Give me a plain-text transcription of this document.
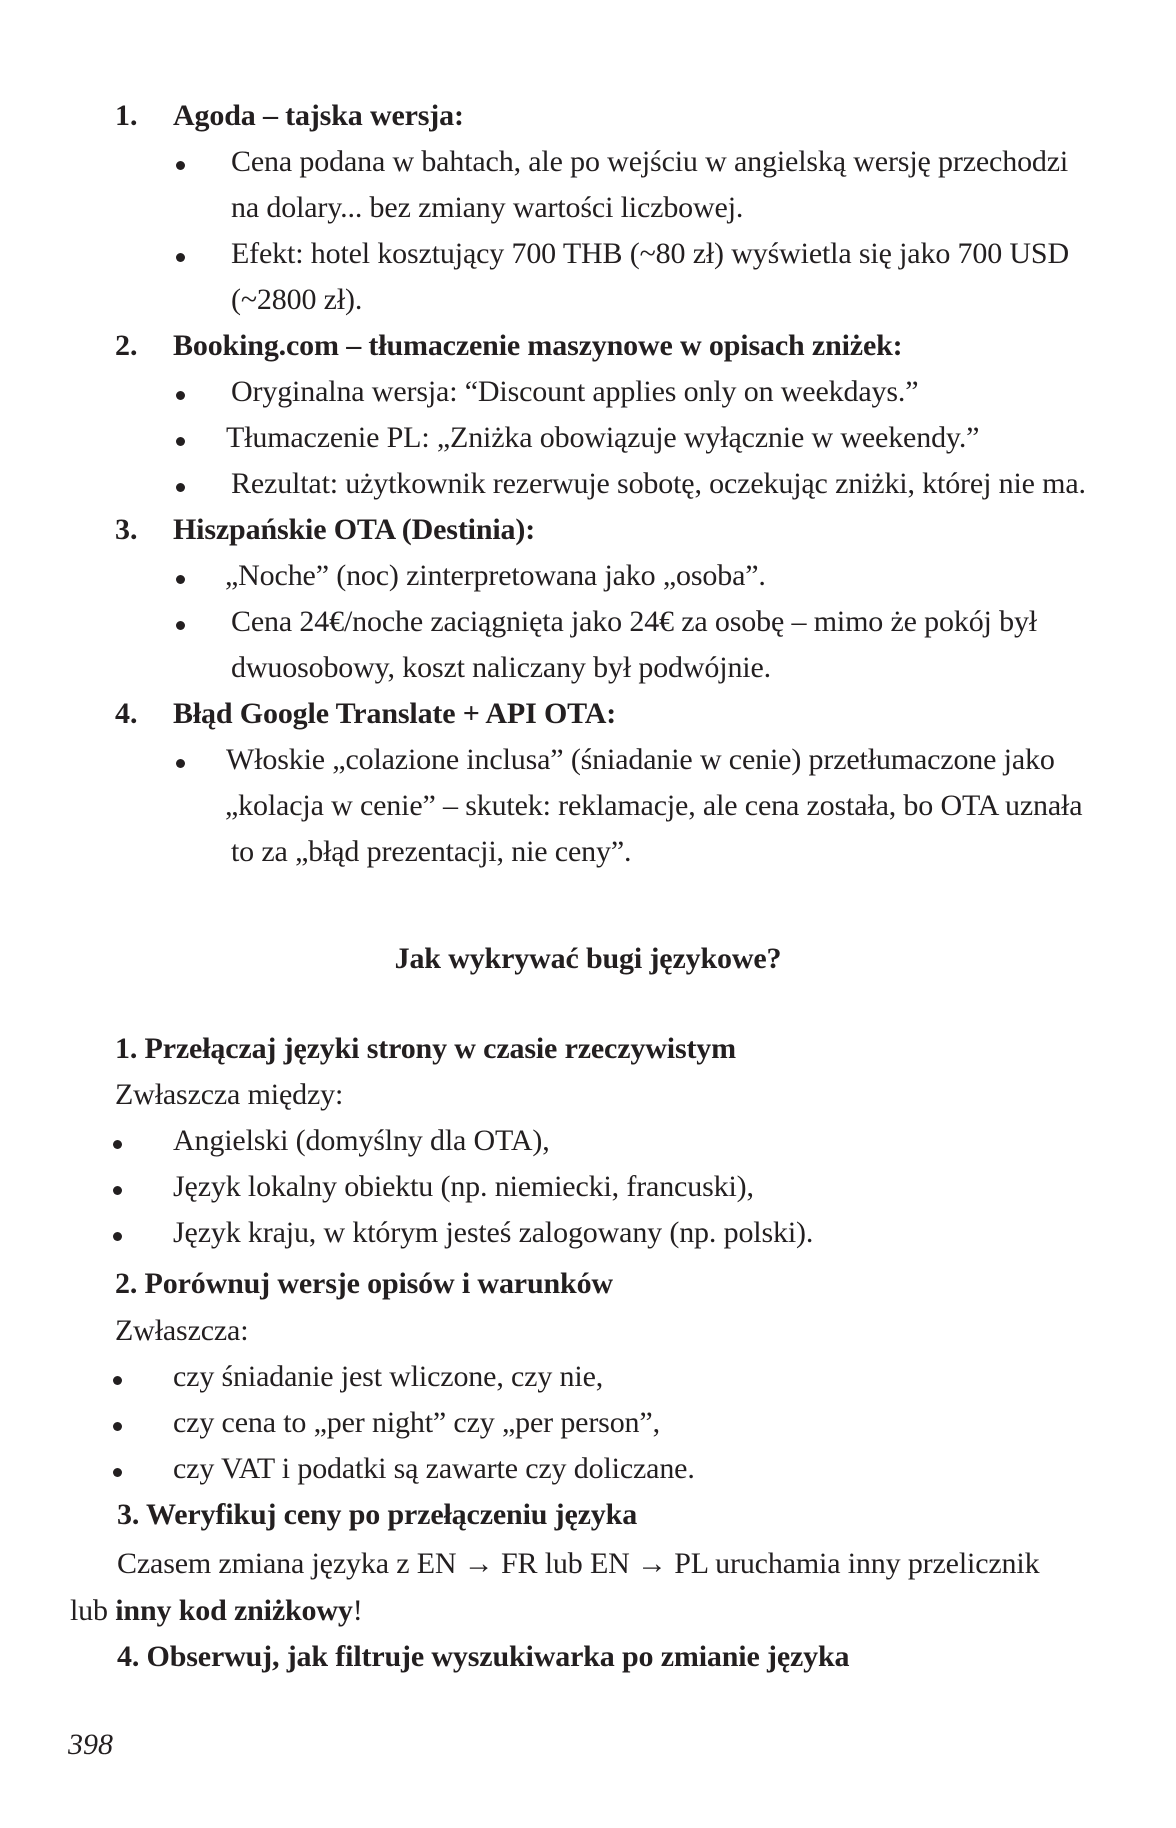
1. Agoda – tajska wersja:
Cena podana w bahtach, ale po wejściu w angielską wersję przechodzi
na dolary... bez zmiany wartości liczbowej.
Efekt: hotel kosztujący 700 THB (~80 zł) wyświetla się jako 700 USD
(~2800 zł).
2. Booking.com – tłumaczenie maszynowe w opisach zniżek:
Oryginalna wersja: “Discount applies only on weekdays.”
Tłumaczenie PL: „Zniżka obowiązuje wyłącznie w weekendy.”
Rezultat: użytkownik rezerwuje sobotę, oczekując zniżki, której nie ma.
3. Hiszpańskie OTA (Destinia):
„Noche” (noc) zinterpretowana jako „osoba”.
Cena 24€/noche zaciągnięta jako 24€ za osobę – mimo że pokój był
dwuosobowy, koszt naliczany był podwójnie.
4. Błąd Google Translate + API OTA:
Włoskie „colazione inclusa” (śniadanie w cenie) przetłumaczone jako
„kolacja w cenie” – skutek: reklamacje, ale cena została, bo OTA uznała
to za „błąd prezentacji, nie ceny”.
Jak wykrywać bugi językowe?
1. Przełączaj języki strony w czasie rzeczywistym
Zwłaszcza między:
Angielski (domyślny dla OTA),
Język lokalny obiektu (np. niemiecki, francuski),
Język kraju, w którym jesteś zalogowany (np. polski).
2. Porównuj wersje opisów i warunków
Zwłaszcza:
czy śniadanie jest wliczone, czy nie,
czy cena to „per night” czy „per person”,
czy VAT i podatki są zawarte czy doliczane.
3. Weryfikuj ceny po przełączeniu języka
Czasem zmiana języka z EN → FR lub EN → PL uruchamia inny przelicznik
lub inny kod zniżkowy!
4. Obserwuj, jak filtruje wyszukiwarka po zmianie języka
398
